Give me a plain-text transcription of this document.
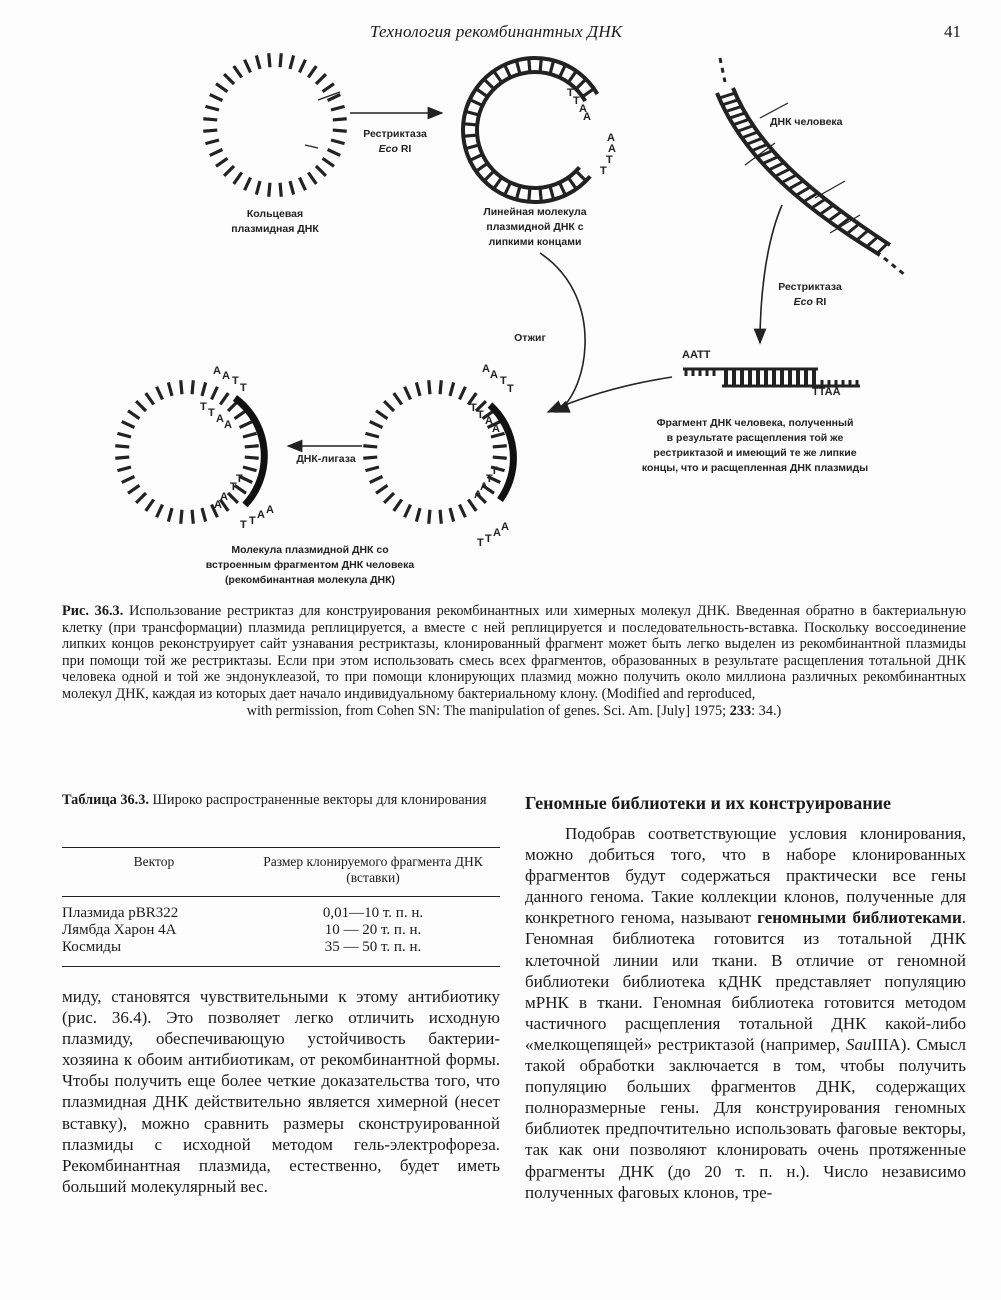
Технология рекомбинантных ДНК	41
T
T
A
A
A
A
T
T
A A T
T
T
T A
A
A
A
T
T
T T A A
A A T
T
T T A A
A
A
T
T
T T A A
Кольцевая
плазмидная ДНК
Рестриктаза
Eco RI
Линейная молекула
плазмидной ДНК с
липкими концами
ДНК человека
Рестриктаза
Eco RI
Отжиг
AATT
TTAA
Фрагмент ДНК человека, полученный
в результате расщепления той же
рестриктазой и имеющий те же липкие
концы, что и расщепленная ДНК плазмиды
ДНК-лигаза
Молекула плазмидной ДНК со
встроенным фрагментом ДНК человека
(рекомбинантная молекула ДНК)
Рис. 36.3. Использование рестриктаз для конструирования рекомбинантных или химерных молекул ДНК. Введенная обратно в бактериальную клетку (при трансформации) плазмида реплицируется, а вместе с ней реплицируется и последовательность-вставка. Поскольку воссоединение липких концов реконструирует сайт узнавания рестриктазы, клонированный фрагмент может быть легко выделен из рекомбинантной плазмиды при помощи той же рестриктазы. Если при этом использовать смесь всех фрагментов, образованных в результате расщепления тотальной ДНК человека одной и той же эндонуклеазой, то при помощи клонирующих плазмид можно получить около миллиона различных рекомбинантных молекул ДНК, каждая из которых дает начало индивидуальному бактериальному клону. (Modified and reproduced,
with permission, from Cohen SN: The manipulation of genes. Sci. Am. [July] 1975; 233: 34.)
Таблица 36.3. Широко распространенные векторы для клонирования
Вектор	Размер клонируемого фрагмента ДНК
(вставки)

Плазмида pBR322	0,01—10 т. п. н.
Лямбда Харон 4А	10 — 20 т. п. н.
Космиды	35 — 50 т. п. н.
миду, становятся чувствительными к этому антибиотику (рис. 36.4). Это позволяет легко отличить исходную плазмиду, обеспечивающую устойчивость бактерии-хозяина к обоим антибиотикам, от рекомбинантной формы. Чтобы получить еще более четкие доказательства того, что плазмидная ДНК действительно является химерной (несет вставку), можно сравнить размеры сконструированной плазмиды с исходной методом гель-электрофореза. Рекомбинантная плазмида, естественно, будет иметь больший молекулярный вес.
Геномные библиотеки и их конструирование
Подобрав соответствующие условия клонирования, можно добиться того, что в наборе клонированных фрагментов будут содержаться практически все гены данного генома. Такие коллекции клонов, полученные для конкретного генома, называют геномными библиотеками. Геномная библиотека готовится из тотальной ДНК клеточной линии или ткани. В отличие от геномной библиотеки библиотека кДНК представляет популяцию мРНК в ткани. Геномная библиотека готовится методом частичного расщепления тотальной ДНК какой-либо «мелкощепящей» рестриктазой (например, SauIIIA). Смысл такой обработки заключается в том, чтобы получить популяцию больших фрагментов ДНК, содержащих полноразмерные гены. Для конструирования геномных библиотек предпочтительно использовать фаговые векторы, так как они позволяют клонировать очень протяженные фрагменты ДНК (до 20 т. п. н.). Число независимо полученных фаговых клонов, тре-
